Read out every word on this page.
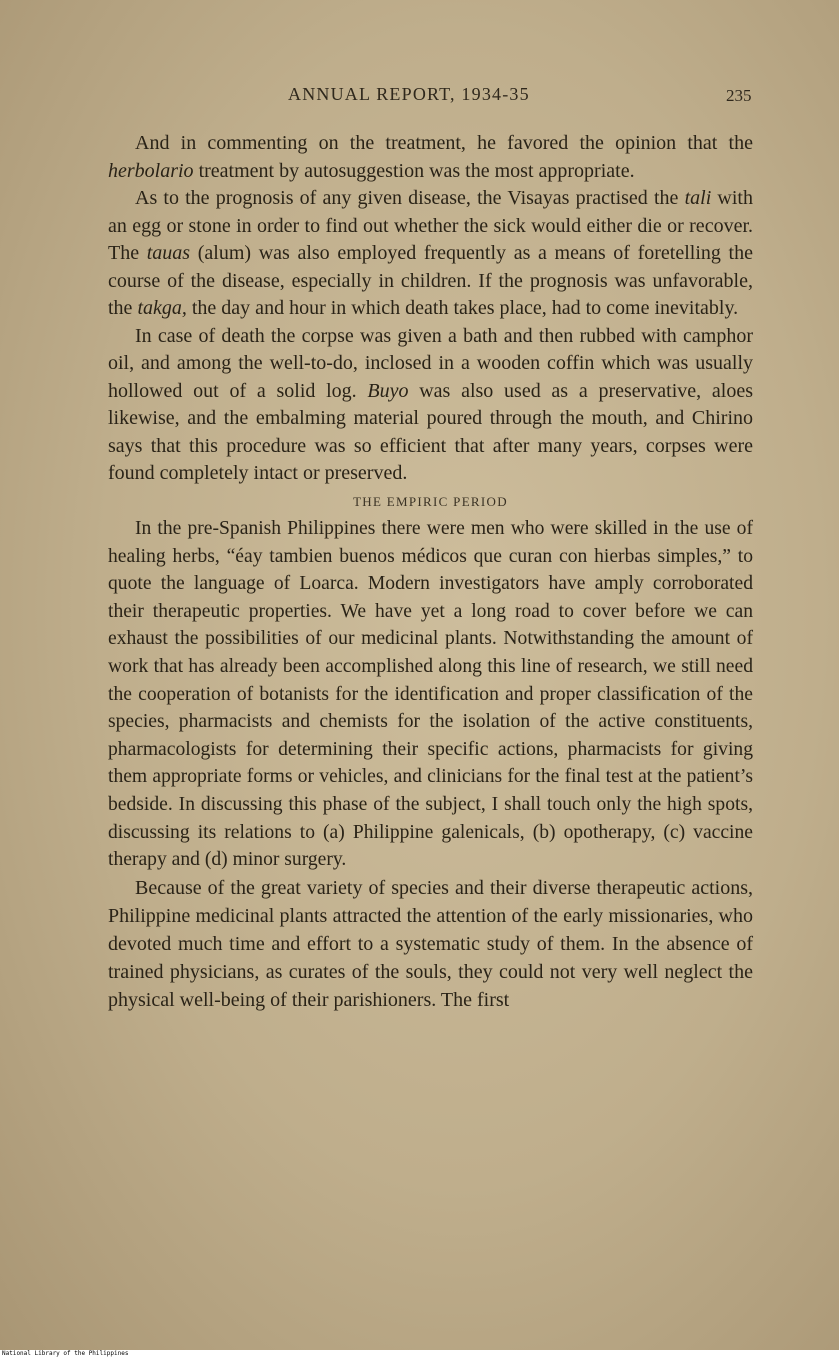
ANNUAL REPORT, 1934-35	235

And in commenting on the treatment, he favored the opinion that the herbolario treatment by autosuggestion was the most appropriate.

As to the prognosis of any given disease, the Visayas practised the tali with an egg or stone in order to find out whether the sick would either die or recover. The tauas (alum) was also employed frequently as a means of foretelling the course of the disease, especially in children. If the prognosis was unfavorable, the takga, the day and hour in which death takes place, had to come inevitably.

In case of death the corpse was given a bath and then rubbed with camphor oil, and among the well-to-do, inclosed in a wooden coffin which was usually hollowed out of a solid log. Buyo was also used as a preservative, aloes likewise, and the embalming material poured through the mouth, and Chirino says that this procedure was so efficient that after many years, corpses were found completely intact or preserved.

THE EMPIRIC PERIOD

In the pre-Spanish Philippines there were men who were skilled in the use of healing herbs, “éay tambien buenos médicos que curan con hierbas simples,” to quote the language of Loarca. Modern investigators have amply corroborated their therapeutic properties. We have yet a long road to cover before we can exhaust the possibilities of our medicinal plants. Notwithstanding the amount of work that has already been accomplished along this line of research, we still need the cooperation of botanists for the identification and proper classification of the species, pharmacists and chemists for the isolation of the active constituents, pharmacologists for determining their specific actions, pharmacists for giving them appropriate forms or vehicles, and clinicians for the final test at the patient’s bedside. In discussing this phase of the subject, I shall touch only the high spots, discussing its relations to (a) Philippine galenicals, (b) opotherapy, (c) vaccine therapy and (d) minor surgery.

Because of the great variety of species and their diverse therapeutic actions, Philippine medicinal plants attracted the attention of the early missionaries, who devoted much time and effort to a systematic study of them. In the absence of trained physicians, as curates of the souls, they could not very well neglect the physical well-being of their parishioners. The first

National Library of the Philippines
